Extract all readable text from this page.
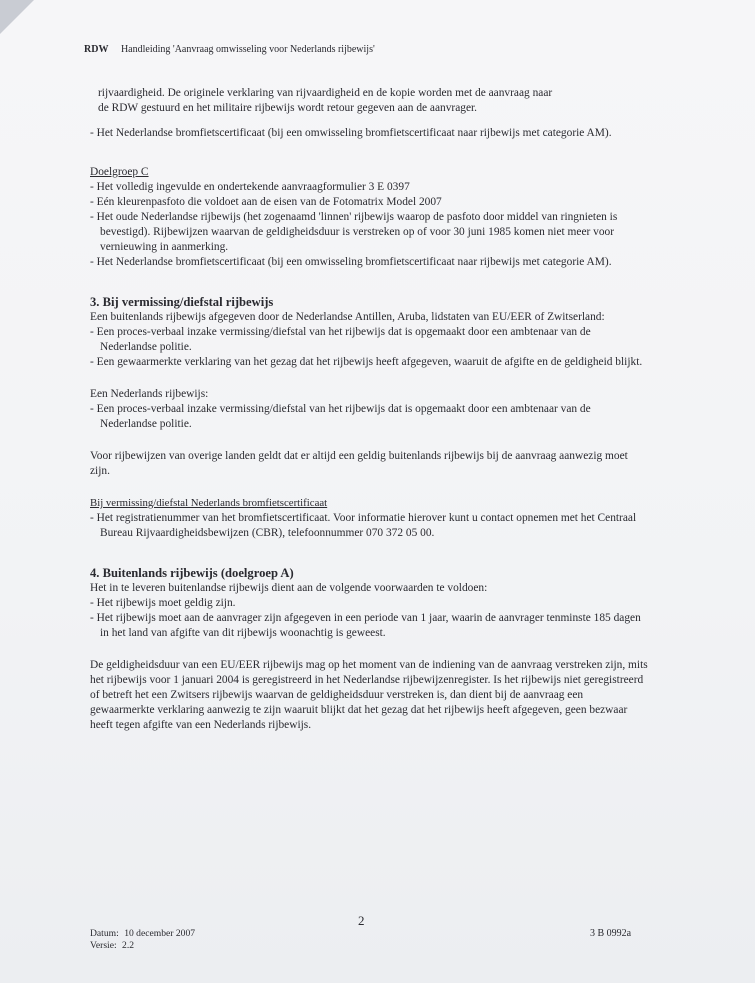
RDW Handleiding 'Aanvraag omwisseling voor Nederlands rijbewijs'

rijvaardigheid. De originele verklaring van rijvaardigheid en de kopie worden met de aanvraag naar

de RDW gestuurd en het militaire rijbewijs wordt retour gegeven aan de aanvrager.

- Het Nederlandse bromfietscertificaat (bij een omwisseling bromfietscertificaat naar rijbewijs met categorie AM).

Doelgroep C

- Het volledig ingevulde en ondertekende aanvraagformulier 3 E 0397

- Eén kleurenpasfoto die voldoet aan de eisen van de Fotomatrix Model 2007

- Het oude Nederlandse rijbewijs (het zogenaamd 'linnen' rijbewijs waarop de pasfoto door middel van ringnieten is bevestigd). Rijbewijzen waarvan de geldigheidsduur is verstreken op of voor 30 juni 1985 komen niet meer voor vernieuwing in aanmerking.

- Het Nederlandse bromfietscertificaat (bij een omwisseling bromfietscertificaat naar rijbewijs met categorie AM).

3. Bij vermissing/diefstal rijbewijs

Een buitenlands rijbewijs afgegeven door de Nederlandse Antillen, Aruba, lidstaten van EU/EER of Zwitserland:

- Een proces-verbaal inzake vermissing/diefstal van het rijbewijs dat is opgemaakt door een ambtenaar van de Nederlandse politie.

- Een gewaarmerkte verklaring van het gezag dat het rijbewijs heeft afgegeven, waaruit de afgifte en de geldigheid blijkt.

Een Nederlands rijbewijs:

- Een proces-verbaal inzake vermissing/diefstal van het rijbewijs dat is opgemaakt door een ambtenaar van de Nederlandse politie.

Voor rijbewijzen van overige landen geldt dat er altijd een geldig buitenlands rijbewijs bij de aanvraag aanwezig moet zijn.

Bij vermissing/diefstal Nederlands bromfietscertificaat

- Het registratienummer van het bromfietscertificaat. Voor informatie hierover kunt u contact opnemen met het Centraal Bureau Rijvaardigheidsbewijzen (CBR), telefoonnummer 070 372 05 00.

4. Buitenlands rijbewijs (doelgroep A)

Het in te leveren buitenlandse rijbewijs dient aan de volgende voorwaarden te voldoen:

- Het rijbewijs moet geldig zijn.

- Het rijbewijs moet aan de aanvrager zijn afgegeven in een periode van 1 jaar, waarin de aanvrager tenminste 185 dagen in het land van afgifte van dit rijbewijs woonachtig is geweest.

De geldigheidsduur van een EU/EER rijbewijs mag op het moment van de indiening van de aanvraag verstreken zijn, mits het rijbewijs voor 1 januari 2004 is geregistreerd in het Nederlandse rijbewijzenregister. Is het rijbewijs niet geregistreerd of betreft het een Zwitsers rijbewijs waarvan de geldigheidsduur verstreken is, dan dient bij de aanvraag een gewaarmerkte verklaring aanwezig te zijn waaruit blijkt dat het gezag dat het rijbewijs heeft afgegeven, geen bezwaar heeft tegen afgifte van een Nederlands rijbewijs.

2
Datum: 10 december 2007
Versie: 2.2
3 B 0992a
